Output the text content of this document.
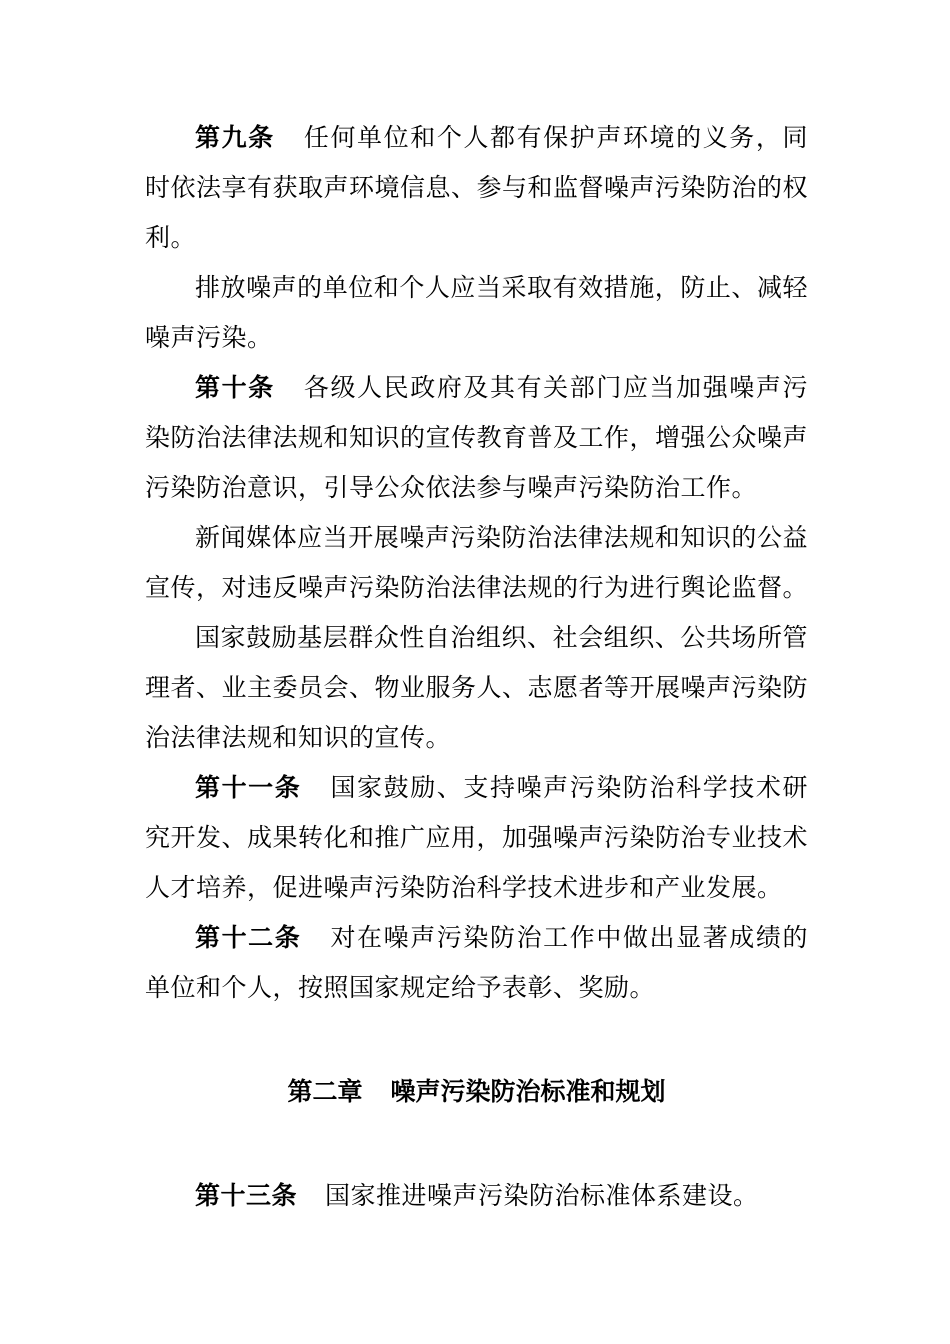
第九条 任何单位和个人都有保护声环境的义务，同时依法享有获取声环境信息、参与和监督噪声污染防治的权利。

排放噪声的单位和个人应当采取有效措施，防止、减轻噪声污染。

第十条 各级人民政府及其有关部门应当加强噪声污染防治法律法规和知识的宣传教育普及工作，增强公众噪声污染防治意识，引导公众依法参与噪声污染防治工作。

新闻媒体应当开展噪声污染防治法律法规和知识的公益宣传，对违反噪声污染防治法律法规的行为进行舆论监督。

国家鼓励基层群众性自治组织、社会组织、公共场所管理者、业主委员会、物业服务人、志愿者等开展噪声污染防治法律法规和知识的宣传。

第十一条 国家鼓励、支持噪声污染防治科学技术研究开发、成果转化和推广应用，加强噪声污染防治专业技术人才培养，促进噪声污染防治科学技术进步和产业发展。

第十二条 对在噪声污染防治工作中做出显著成绩的单位和个人，按照国家规定给予表彰、奖励。

第二章 噪声污染防治标准和规划

第十三条 国家推进噪声污染防治标准体系建设。
